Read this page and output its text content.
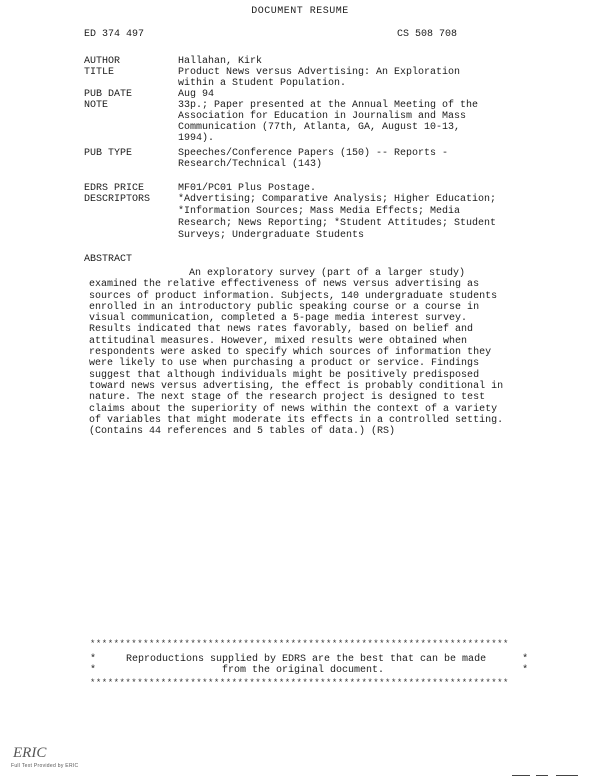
DOCUMENT RESUME
ED 374 497	CS 508 708
AUTHOR	Hallahan, Kirk
TITLE	Product News versus Advertising: An Exploration
within a Student Population.
PUB DATE	Aug 94
NOTE	33p.; Paper presented at the Annual Meeting of the
Association for Education in Journalism and Mass
Communication (77th, Atlanta, GA, August 10-13,
1994).
PUB TYPE	Speeches/Conference Papers (150) -- Reports -
Research/Technical (143)
EDRS PRICE	MF01/PC01 Plus Postage.
DESCRIPTORS	*Advertising; Comparative Analysis; Higher Education;
*Information Sources; Mass Media Effects; Media
Research; News Reporting; *Student Attitudes; Student
Surveys; Undergraduate Students
ABSTRACT
An exploratory survey (part of a larger study)
examined the relative effectiveness of news versus advertising as
sources of product information. Subjects, 140 undergraduate students
enrolled in an introductory public speaking course or a course in
visual communication, completed a 5-page media interest survey.
Results indicated that news rates favorably, based on belief and
attitudinal measures. However, mixed results were obtained when
respondents were asked to specify which sources of information they
were likely to use when purchasing a product or service. Findings
suggest that although individuals might be positively predisposed
toward news versus advertising, the effect is probably conditional in
nature. The next stage of the research project is designed to test
claims about the superiority of news within the context of a variety
of variables that might moderate its effects in a controlled setting.
(Contains 44 references and 5 tables of data.) (RS)
***********************************************************************
*     Reproductions supplied by EDRS are the best that can be made      *
*                     from the original document.                       *
***********************************************************************
ERIC
Full Text Provided by ERIC
